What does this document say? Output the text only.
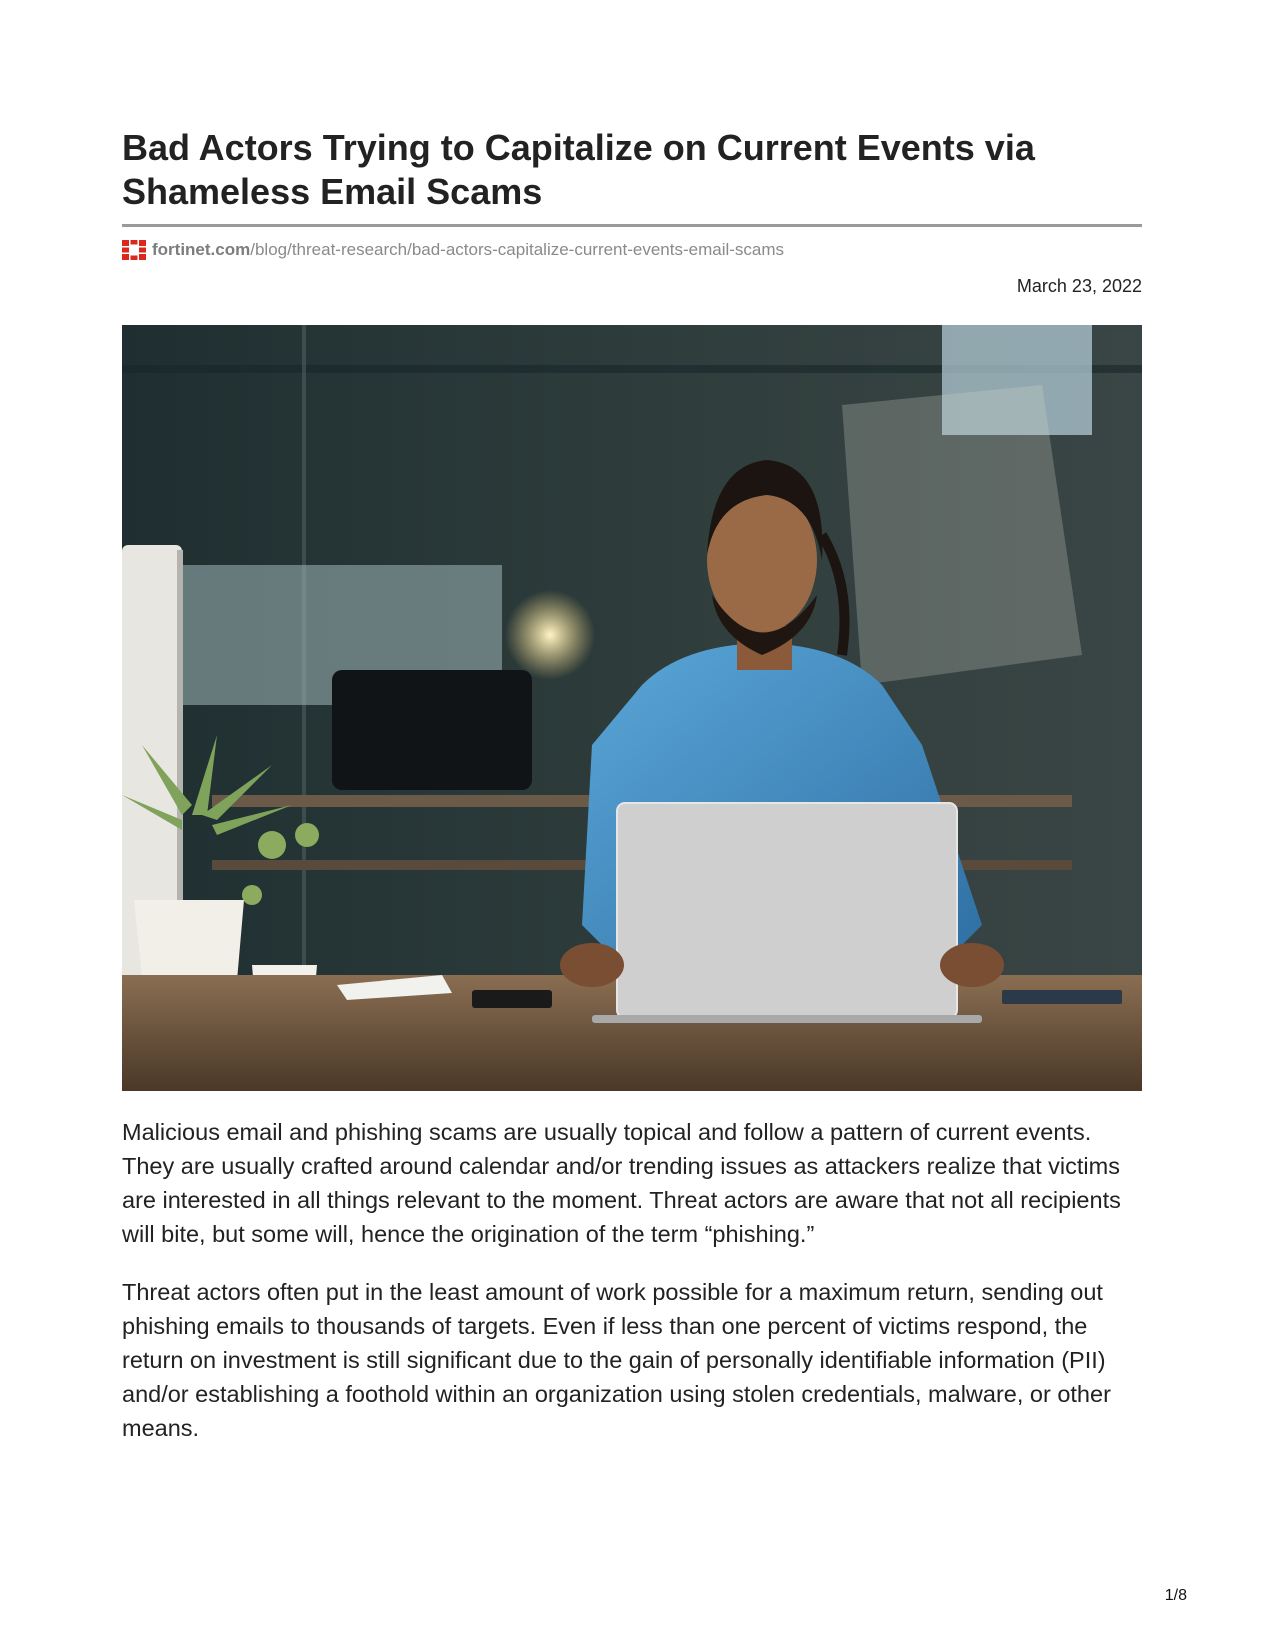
Bad Actors Trying to Capitalize on Current Events via Shameless Email Scams
fortinet.com /blog/threat-research/bad-actors-capitalize-current-events-email-scams
March 23, 2022

Malicious email and phishing scams are usually topical and follow a pattern of current events. They are usually crafted around calendar and/or trending issues as attackers realize that victims are interested in all things relevant to the moment. Threat actors are aware that not all recipients will bite, but some will, hence the origination of the term “phishing.”

Threat actors often put in the least amount of work possible for a maximum return, sending out phishing emails to thousands of targets. Even if less than one percent of victims respond, the return on investment is still significant due to the gain of personally identifiable information (PII) and/or establishing a foothold within an organization using stolen credentials, malware, or other means.

1/8
